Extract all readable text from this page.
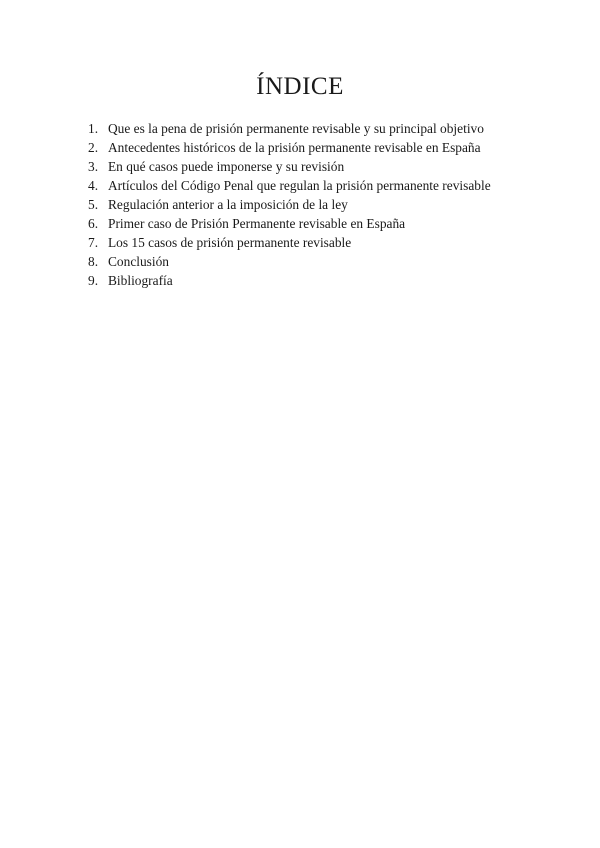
ÍNDICE
1. Que es la pena de prisión permanente revisable y su principal objetivo
2. Antecedentes históricos de la prisión permanente revisable en España
3. En qué casos puede imponerse y su revisión
4. Artículos del Código Penal que regulan la prisión permanente revisable
5. Regulación anterior a la imposición de la ley
6. Primer caso de Prisión Permanente revisable en España
7. Los 15 casos de prisión permanente revisable
8. Conclusión
9. Bibliografía
